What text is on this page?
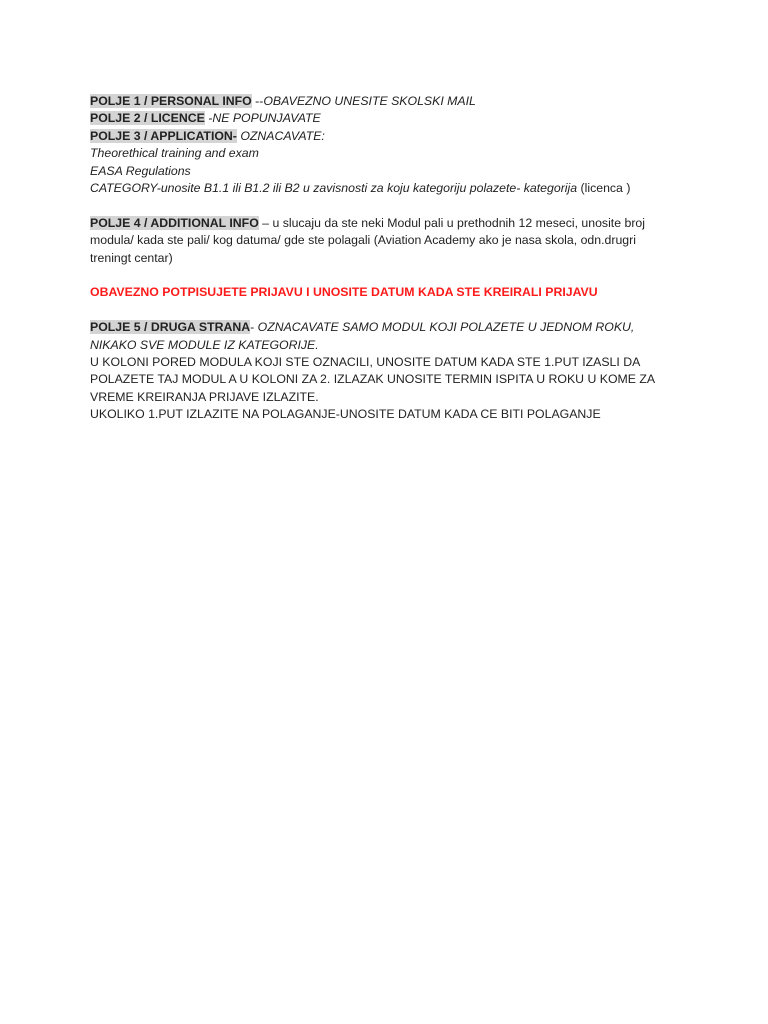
POLJE 1 / PERSONAL INFO --OBAVEZNO UNESITE SKOLSKI MAIL
POLJE 2 / LICENCE -NE POPUNJAVATE
POLJE 3 / APPLICATION- OZNACAVATE:
Theorethical training and exam
EASA Regulations
CATEGORY-unosite B1.1 ili B1.2 ili B2 u zavisnosti za koju kategoriju polazete- kategorija (licenca )
POLJE 4 / ADDITIONAL INFO – u slucaju da ste neki Modul pali u prethodnih 12 meseci, unosite broj modula/ kada ste pali/ kog datuma/ gde ste polagali (Aviation Academy ako je nasa skola, odn.drugri treningt centar)
OBAVEZNO POTPISUJETE PRIJAVU I UNOSITE DATUM KADA STE KREIRALI PRIJAVU
POLJE 5 / DRUGA STRANA- OZNACAVATE SAMO MODUL KOJI POLAZETE U JEDNOM ROKU, NIKAKO SVE MODULE IZ KATEGORIJE.
U KOLONI PORED MODULA KOJI STE OZNACILI, UNOSITE DATUM KADA STE 1.PUT IZASLI DA POLAZETE TAJ MODUL A U KOLONI ZA 2. IZLAZAK UNOSITE TERMIN ISPITA U ROKU U KOME ZA VREME KREIRANJA PRIJAVE IZLAZITE.
UKOLIKO 1.PUT IZLAZITE NA POLAGANJE-UNOSITE DATUM KADA CE BITI POLAGANJE
